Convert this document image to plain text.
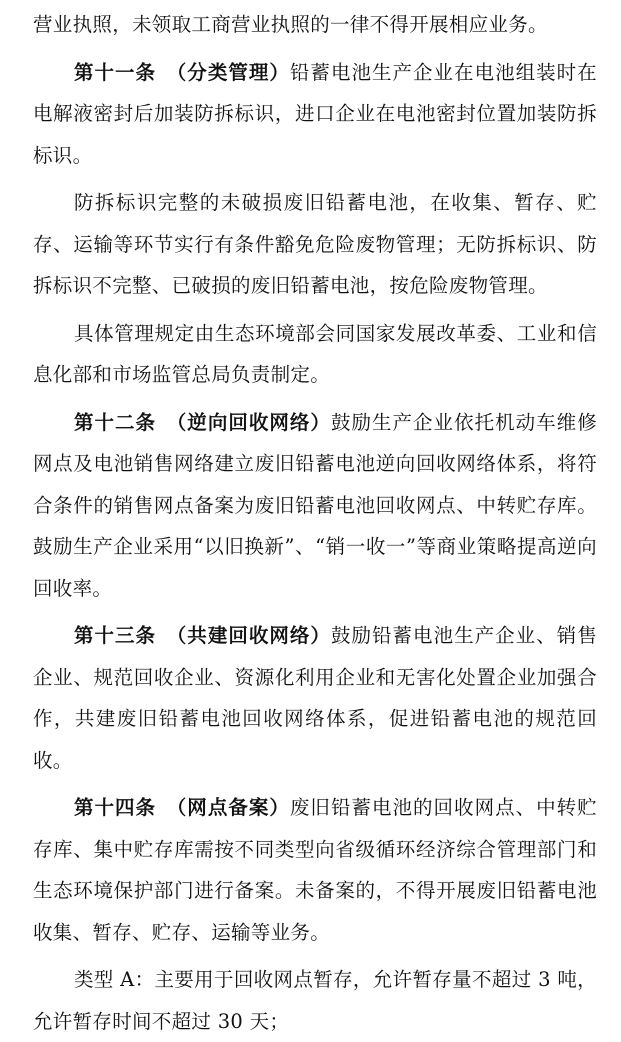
营业执照，未领取工商营业执照的一律不得开展相应业务。

第十一条　（分类管理）铅蓄电池生产企业在电池组装时在电解液密封后加装防拆标识，进口企业在电池密封位置加装防拆标识。

防拆标识完整的未破损废旧铅蓄电池，在收集、暂存、贮存、运输等环节实行有条件豁免危险废物管理；无防拆标识、防拆标识不完整、已破损的废旧铅蓄电池，按危险废物管理。

具体管理规定由生态环境部会同国家发展改革委、工业和信息化部和市场监管总局负责制定。

第十二条　（逆向回收网络）鼓励生产企业依托机动车维修网点及电池销售网络建立废旧铅蓄电池逆向回收网络体系，将符合条件的销售网点备案为废旧铅蓄电池回收网点、中转贮存库。鼓励生产企业采用“以旧换新”、“销一收一”等商业策略提高逆向回收率。

第十三条　（共建回收网络）鼓励铅蓄电池生产企业、销售企业、规范回收企业、资源化利用企业和无害化处置企业加强合作，共建废旧铅蓄电池回收网络体系，促进铅蓄电池的规范回收。

第十四条　（网点备案）废旧铅蓄电池的回收网点、中转贮存库、集中贮存库需按不同类型向省级循环经济综合管理部门和生态环境保护部门进行备案。未备案的，不得开展废旧铅蓄电池收集、暂存、贮存、运输等业务。

类型 A：主要用于回收网点暂存，允许暂存量不超过 3 吨，允许暂存时间不超过 30 天；
